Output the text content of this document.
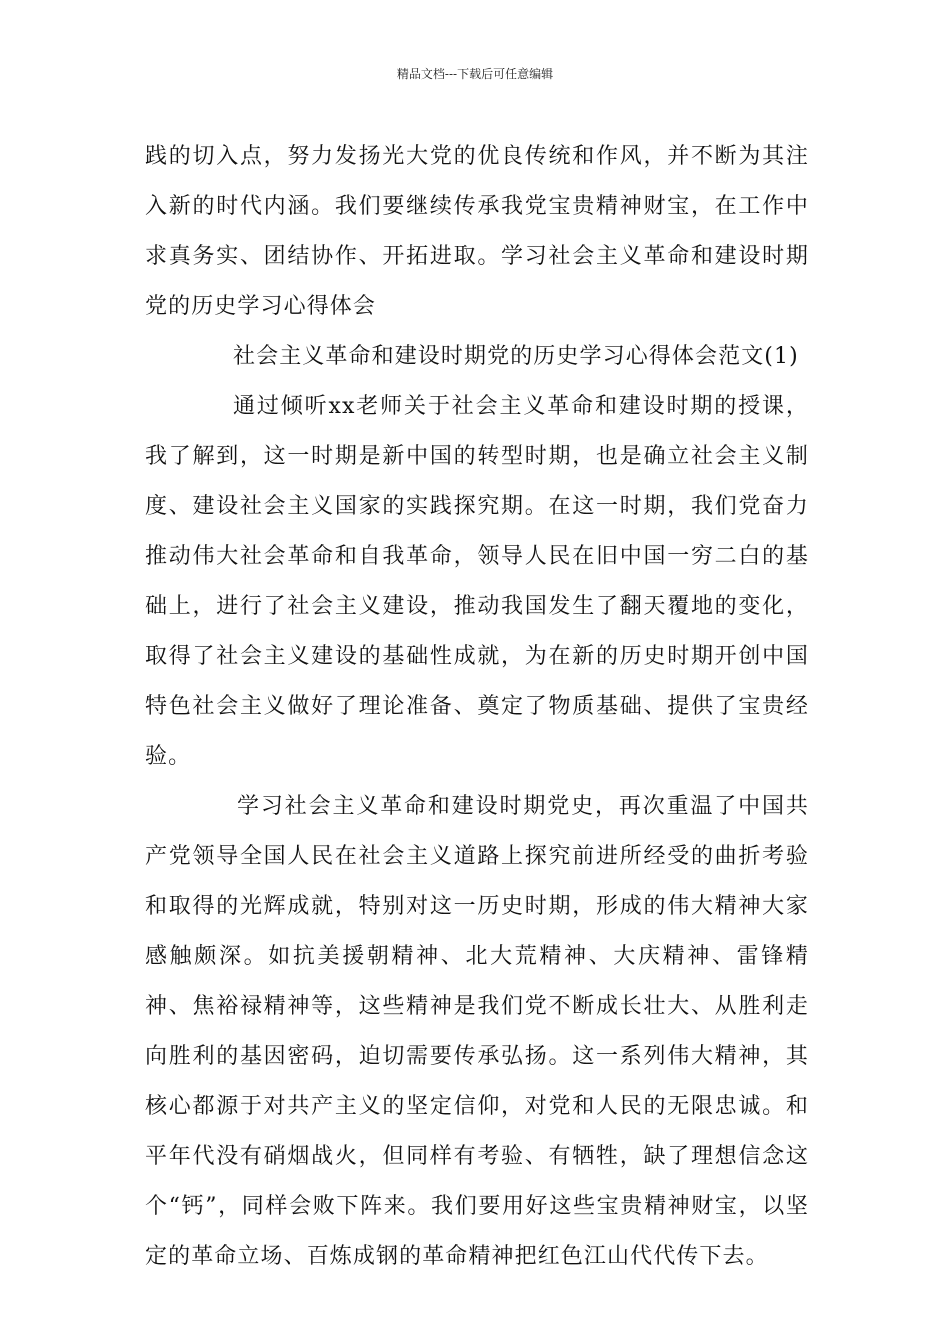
精品文档---下载后可任意编辑

践的切入点，努力发扬光大党的优良传统和作风，并不断为其注入新的时代内涵。我们要继续传承我党宝贵精神财宝，在工作中求真务实、团结协作、开拓进取。学习社会主义革命和建设时期党的历史学习心得体会

社会主义革命和建设时期党的历史学习心得体会范文(1)

通过倾听xx老师关于社会主义革命和建设时期的授课，我了解到，这一时期是新中国的转型时期，也是确立社会主义制度、建设社会主义国家的实践探究期。在这一时期，我们党奋力推动伟大社会革命和自我革命，领导人民在旧中国一穷二白的基础上，进行了社会主义建设，推动我国发生了翻天覆地的变化，取得了社会主义建设的基础性成就，为在新的历史时期开创中国特色社会主义做好了理论准备、奠定了物质基础、提供了宝贵经验。

学习社会主义革命和建设时期党史，再次重温了中国共产党领导全国人民在社会主义道路上探究前进所经受的曲折考验和取得的光辉成就，特别对这一历史时期，形成的伟大精神大家感触颇深。如抗美援朝精神、北大荒精神、大庆精神、雷锋精神、焦裕禄精神等，这些精神是我们党不断成长壮大、从胜利走向胜利的基因密码，迫切需要传承弘扬。这一系列伟大精神，其核心都源于对共产主义的坚定信仰，对党和人民的无限忠诚。和平年代没有硝烟战火，但同样有考验、有牺牲，缺了理想信念这个“钙”，同样会败下阵来。我们要用好这些宝贵精神财宝，以坚定的革命立场、百炼成钢的革命精神把红色江山代代传下去。
